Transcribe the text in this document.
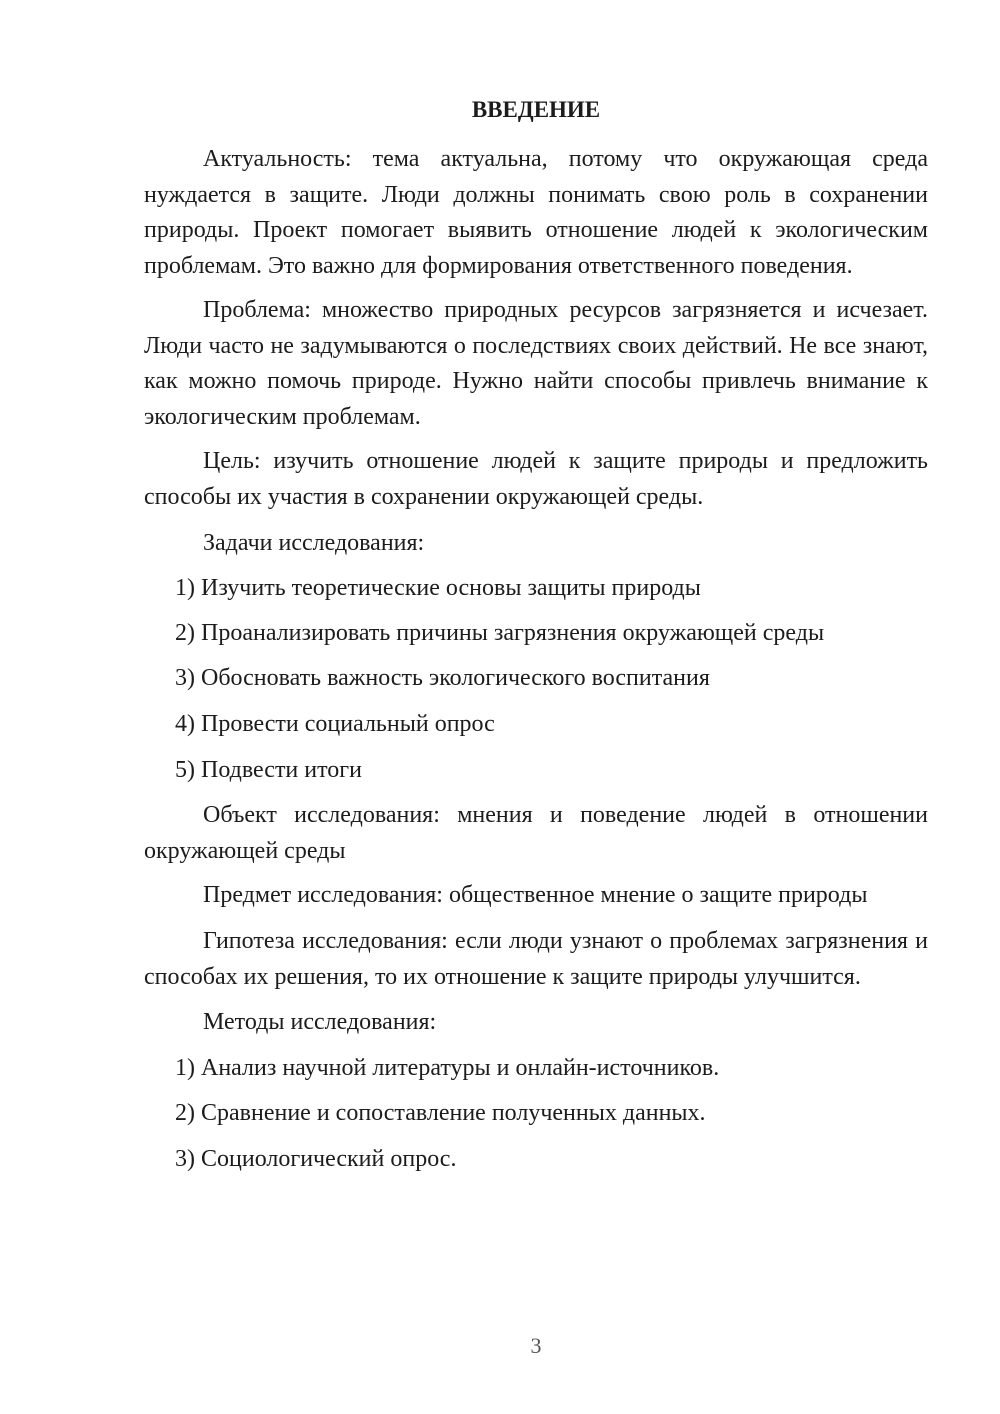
ВВЕДЕНИЕ
Актуальность: тема актуальна, потому что окружающая среда нуждается в защите. Люди должны понимать свою роль в сохранении природы. Проект помогает выявить отношение людей к экологическим проблемам. Это важно для формирования ответственного поведения.
Проблема: множество природных ресурсов загрязняется и исчезает. Люди часто не задумываются о последствиях своих действий. Не все знают, как можно помочь природе. Нужно найти способы привлечь внимание к экологическим проблемам.
Цель: изучить отношение людей к защите природы и предложить способы их участия в сохранении окружающей среды.
Задачи исследования:
1) Изучить теоретические основы защиты природы
2) Проанализировать причины загрязнения окружающей среды
3) Обосновать важность экологического воспитания
4) Провести социальный опрос
5) Подвести итоги
Объект исследования: мнения и поведение людей в отношении окружающей среды
Предмет исследования: общественное мнение о защите природы
Гипотеза исследования: если люди узнают о проблемах загрязнения и способах их решения, то их отношение к защите природы улучшится.
Методы исследования:
1) Анализ научной литературы и онлайн-источников.
2) Сравнение и сопоставление полученных данных.
3) Социологический опрос.
3
